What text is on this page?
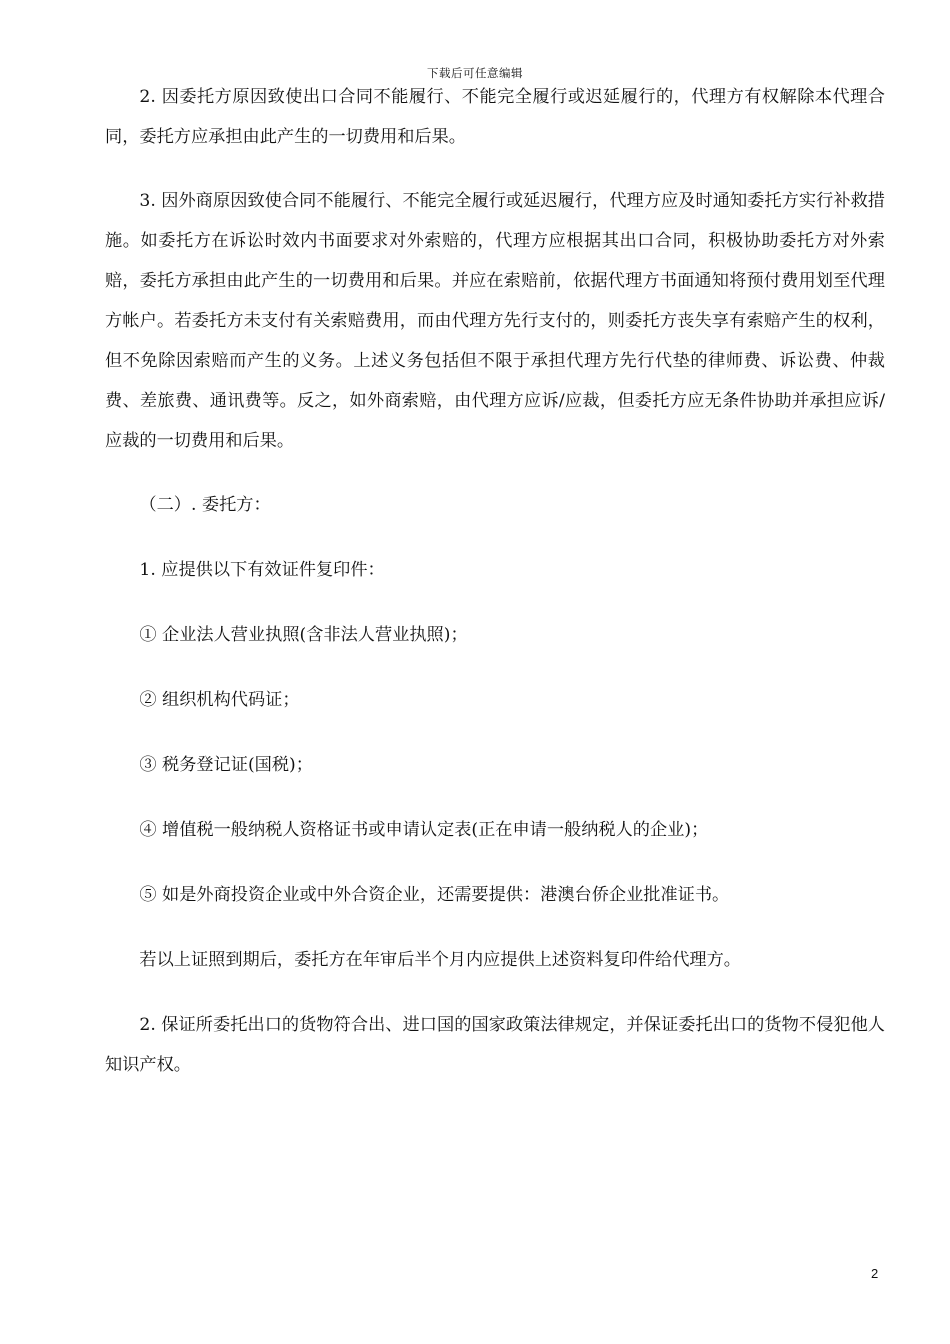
下载后可任意编辑

2. 因委托方原因致使出口合同不能履行、不能完全履行或迟延履行的，代理方有权解除本代理合同，委托方应承担由此产生的一切费用和后果。

3. 因外商原因致使合同不能履行、不能完全履行或延迟履行，代理方应及时通知委托方实行补救措施。如委托方在诉讼时效内书面要求对外索赔的，代理方应根据其出口合同，积极协助委托方对外索赔，委托方承担由此产生的一切费用和后果。并应在索赔前，依据代理方书面通知将预付费用划至代理方帐户。若委托方未支付有关索赔费用，而由代理方先行支付的，则委托方丧失享有索赔产生的权利，但不免除因索赔而产生的义务。上述义务包括但不限于承担代理方先行代垫的律师费、诉讼费、仲裁费、差旅费、通讯费等。反之，如外商索赔，由代理方应诉/应裁，但委托方应无条件协助并承担应诉/应裁的一切费用和后果。

（二）. 委托方：

1. 应提供以下有效证件复印件：

① 企业法人营业执照(含非法人营业执照)；

② 组织机构代码证；

③ 税务登记证(国税)；

④ 增值税一般纳税人资格证书或申请认定表(正在申请一般纳税人的企业)；

⑤ 如是外商投资企业或中外合资企业，还需要提供：港澳台侨企业批准证书。

若以上证照到期后，委托方在年审后半个月内应提供上述资料复印件给代理方。

2. 保证所委托出口的货物符合出、进口国的国家政策法律规定，并保证委托出口的货物不侵犯他人知识产权。

2
